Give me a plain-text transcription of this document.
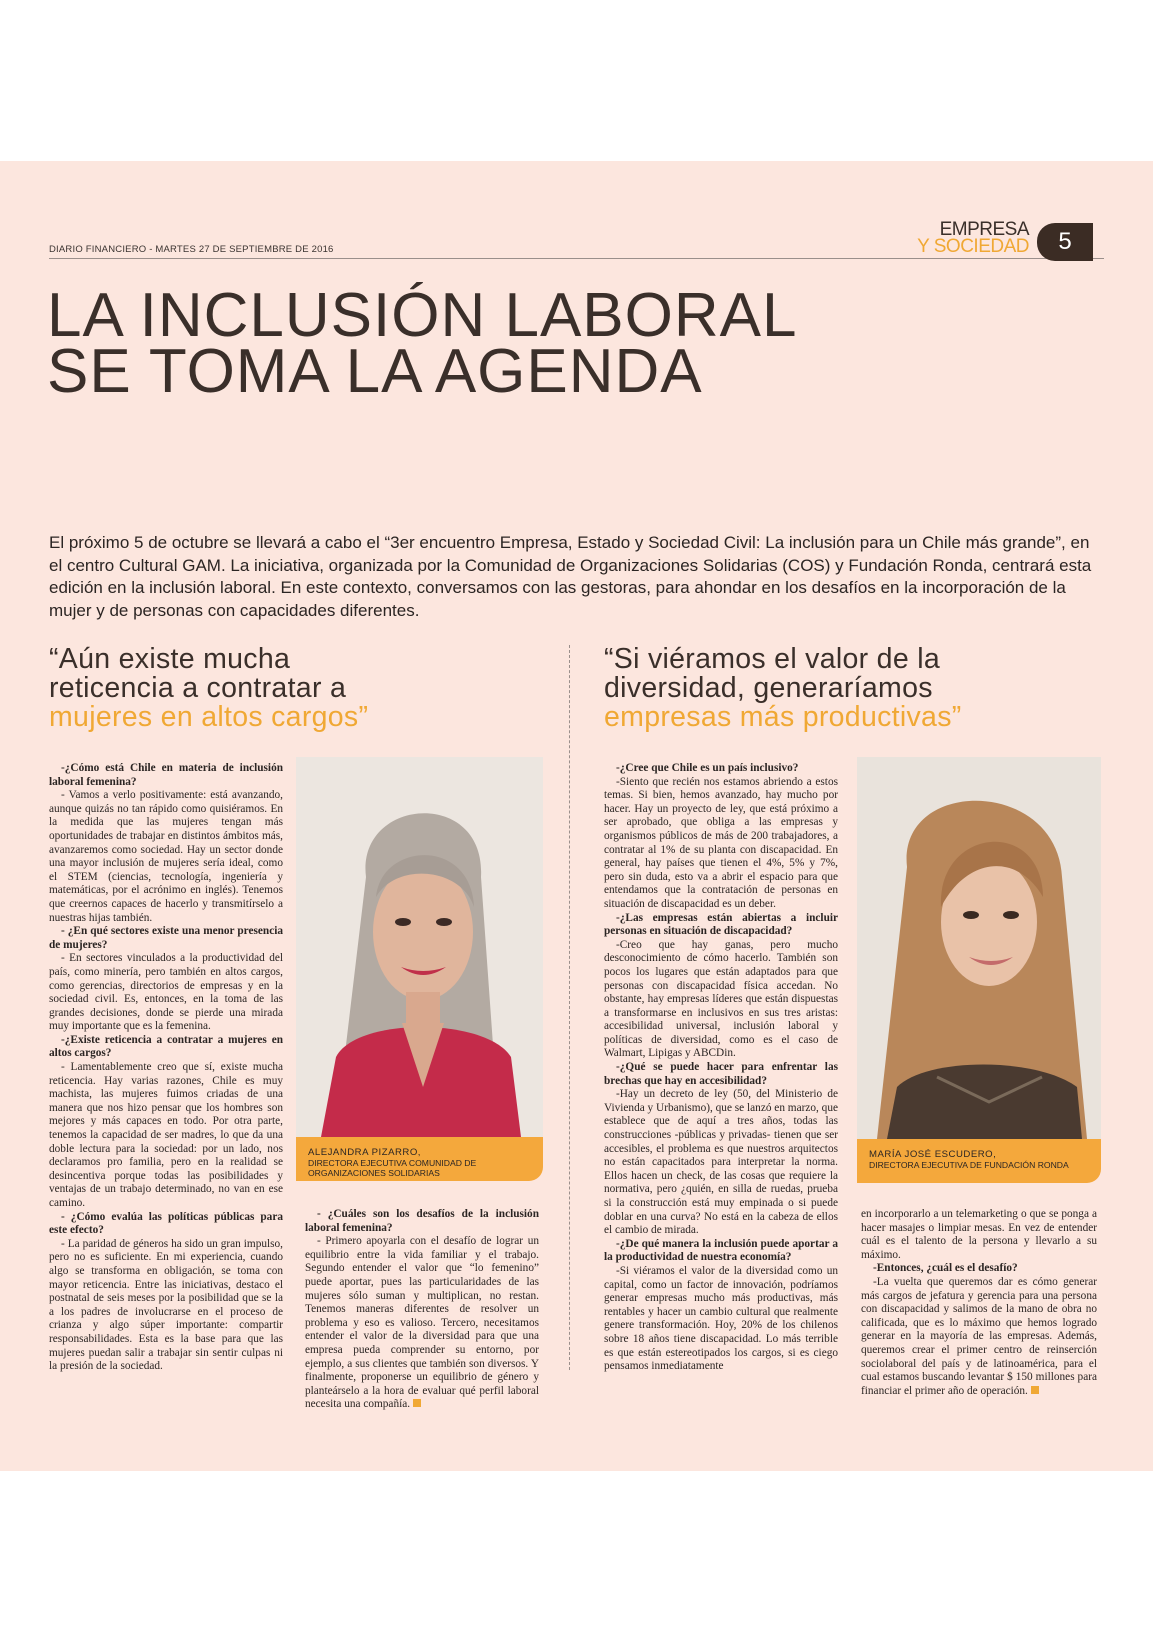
DIARIO FINANCIERO - MARTES 27 DE SEPTIEMBRE DE 2016
EMPRESA
Y SOCIEDAD	5
LA INCLUSIÓN LABORAL
SE TOMA LA AGENDA

El próximo 5 de octubre se llevará a cabo el “3er encuentro Empresa, Estado y Sociedad Civil: La inclusión para un Chile más grande”, en el centro Cultural GAM. La iniciativa, organizada por la Comunidad de Organizaciones Solidarias (COS) y Fundación Ronda, centrará esta edición en la inclusión laboral. En este contexto, conversamos con las gestoras, para ahondar en los desafíos en la incorporación de la mujer y de personas con capacidades diferentes.

“Aún existe mucha
reticencia a contratar a
mujeres en altos cargos”

-¿Cómo está Chile en materia de inclusión laboral femenina?

- Vamos a verlo positivamente: está avanzando, aunque quizás no tan rápido como quisiéramos. En la medida que las mujeres tengan más oportunidades de trabajar en distintos ámbitos más, avanzaremos como sociedad. Hay un sector donde una mayor inclusión de mujeres sería ideal, como el STEM (ciencias, tecnología, ingeniería y matemáticas, por el acrónimo en inglés). Tenemos que creernos capaces de hacerlo y transmitírselo a nuestras hijas también.

- ¿En qué sectores existe una menor presencia de mujeres?

- En sectores vinculados a la productividad del país, como minería, pero también en altos cargos, como gerencias, directorios de empresas y en la sociedad civil. Es, entonces, en la toma de las grandes decisiones, donde se pierde una mirada muy importante que es la femenina.

-¿Existe reticencia a contratar a mujeres en altos cargos?

- Lamentablemente creo que sí, existe mucha reticencia. Hay varias razones, Chile es muy machista, las mujeres fuimos criadas de una manera que nos hizo pensar que los hombres son mejores y más capaces en todo. Por otra parte, tenemos la capacidad de ser madres, lo que da una doble lectura para la sociedad: por un lado, nos declaramos pro familia, pero en la realidad se desincentiva porque todas las posibilidades y ventajas de un trabajo determinado, no van en ese camino.

- ¿Cómo evalúa las políticas públicas para este efecto?

- La paridad de géneros ha sido un gran impulso, pero no es suficiente. En mi experiencia, cuando algo se transforma en obligación, se toma con mayor reticencia. Entre las iniciativas, destaco el postnatal de seis meses por la posibilidad que se la a los padres de involucrarse en el proceso de crianza y algo súper importante: compartir responsabilidades. Esta es la base para que las mujeres puedan salir a trabajar sin sentir culpas ni la presión de la sociedad.

ALEJANDRA PIZARRO,
DIRECTORA EJECUTIVA COMUNIDAD DE ORGANIZACIONES SOLIDARIAS

- ¿Cuáles son los desafíos de la inclusión laboral femenina?

- Primero apoyarla con el desafío de lograr un equilibrio entre la vida familiar y el trabajo. Segundo entender el valor que “lo femenino” puede aportar, pues las particularidades de las mujeres sólo suman y multiplican, no restan. Tenemos maneras diferentes de resolver un problema y eso es valioso. Tercero, necesitamos entender el valor de la diversidad para que una empresa pueda comprender su entorno, por ejemplo, a sus clientes que también son diversos. Y finalmente, proponerse un equilibrio de género y planteárselo a la hora de evaluar qué perfil laboral necesita una compañía.

“Si viéramos el valor de la
diversidad, generaríamos
empresas más productivas”

-¿Cree que Chile es un país inclusivo?

-Siento que recién nos estamos abriendo a estos temas. Si bien, hemos avanzado, hay mucho por hacer. Hay un proyecto de ley, que está próximo a ser aprobado, que obliga a las empresas y organismos públicos de más de 200 trabajadores, a contratar al 1% de su planta con discapacidad. En general, hay países que tienen el 4%, 5% y 7%, pero sin duda, esto va a abrir el espacio para que entendamos que la contratación de personas en situación de discapacidad es un deber.

-¿Las empresas están abiertas a incluir personas en situación de discapacidad?

-Creo que hay ganas, pero mucho desconocimiento de cómo hacerlo. También son pocos los lugares que están adaptados para que personas con discapacidad física accedan. No obstante, hay empresas líderes que están dispuestas a transformarse en inclusivos en sus tres aristas: accesibilidad universal, inclusión laboral y políticas de diversidad, como es el caso de Walmart, Lipigas y ABCDin.

-¿Qué se puede hacer para enfrentar las brechas que hay en accesibilidad?

-Hay un decreto de ley (50, del Ministerio de Vivienda y Urbanismo), que se lanzó en marzo, que establece que de aquí a tres años, todas las construcciones -públicas y privadas- tienen que ser accesibles, el problema es que nuestros arquitectos no están capacitados para interpretar la norma. Ellos hacen un check, de las cosas que requiere la normativa, pero ¿quién, en silla de ruedas, prueba si la construcción está muy empinada o si puede doblar en una curva? No está en la cabeza de ellos el cambio de mirada.

-¿De qué manera la inclusión puede aportar a la productividad de nuestra economía?

-Si viéramos el valor de la diversidad como un capital, como un factor de innovación, podríamos generar empresas mucho más productivas, más rentables y hacer un cambio cultural que realmente genere transformación. Hoy, 20% de los chilenos sobre 18 años tiene discapacidad. Lo más terrible es que están estereotipados los cargos, si es ciego pensamos inmediatamente

MARÍA JOSÉ ESCUDERO,
DIRECTORA EJECUTIVA DE FUNDACIÓN RONDA

en incorporarlo a un telemarketing o que se ponga a hacer masajes o limpiar mesas. En vez de entender cuál es el talento de la persona y llevarlo a su máximo.

-Entonces, ¿cuál es el desafío?

-La vuelta que queremos dar es cómo generar más cargos de jefatura y gerencia para una persona con discapacidad y salimos de la mano de obra no calificada, que es lo máximo que hemos logrado generar en la mayoría de las empresas. Además, queremos crear el primer centro de reinserción sociolaboral del país y de latinoamérica, para el cual estamos buscando levantar $ 150 millones para financiar el primer año de operación.
